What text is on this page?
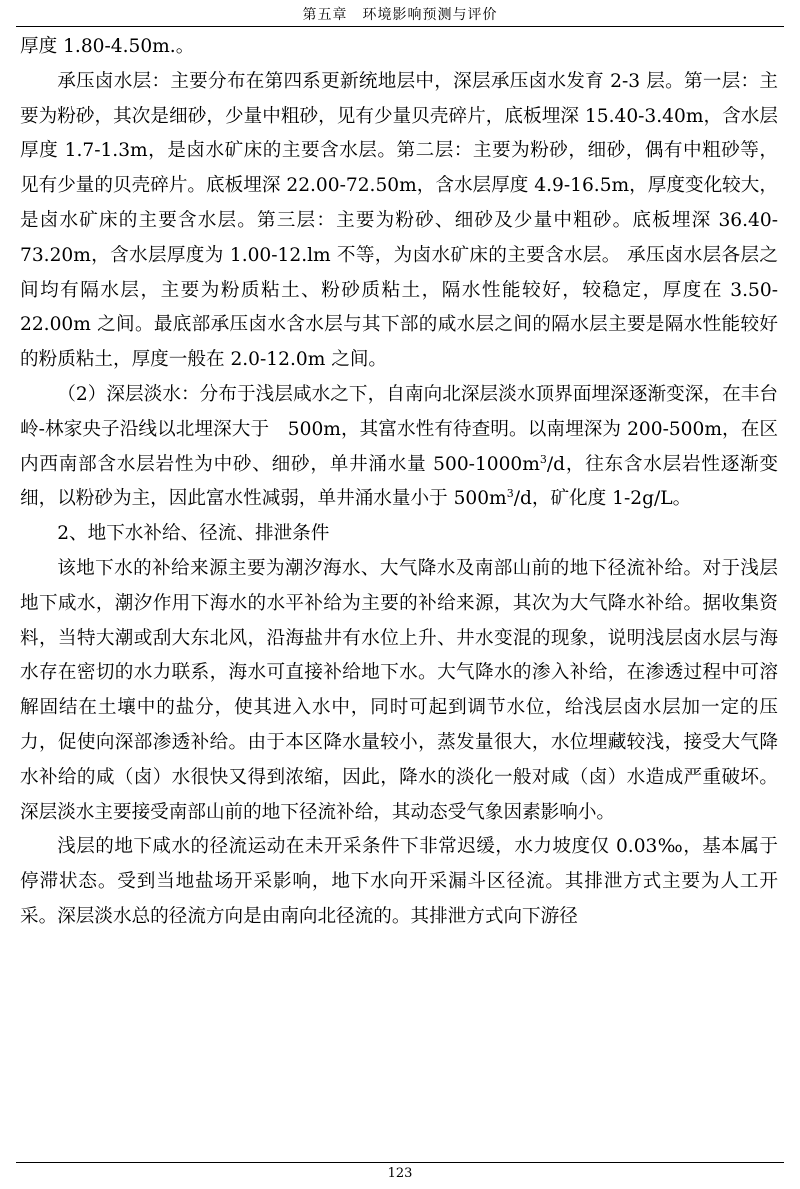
第五章　环境影响预测与评价

厚度 1.80-4.50m.。

承压卤水层：主要分布在第四系更新统地层中，深层承压卤水发育 2-3 层。第一层：主要为粉砂，其次是细砂，少量中粗砂，见有少量贝壳碎片，底板埋深 15.40-3.40m，含水层厚度 1.7-1.3m，是卤水矿床的主要含水层。第二层：主要为粉砂，细砂，偶有中粗砂等，见有少量的贝壳碎片。底板埋深 22.00-72.50m，含水层厚度 4.9-16.5m，厚度变化较大，是卤水矿床的主要含水层。第三层：主要为粉砂、细砂及少量中粗砂。底板埋深 36.40-73.20m，含水层厚度为 1.00-12.lm 不等，为卤水矿床的主要含水层。 承压卤水层各层之间均有隔水层，主要为粉质粘土、粉砂质粘土，隔水性能较好，较稳定，厚度在 3.50-22.00m 之间。最底部承压卤水含水层与其下部的咸水层之间的隔水层主要是隔水性能较好的粉质粘土，厚度一般在 2.0-12.0m 之间。

（2）深层淡水：分布于浅层咸水之下，自南向北深层淡水顶界面埋深逐渐变深，在丰台岭-林家央子沿线以北埋深大于　500m，其富水性有待查明。以南埋深为 200-500m，在区内西南部含水层岩性为中砂、细砂，单井涌水量 $500-1000m^3/d$，往东含水层岩性逐渐变细，以粉砂为主，因此富水性减弱，单井涌水量小于 $500m^3/d$，矿化度 1-2g/L。

2、地下水补给、径流、排泄条件

该地下水的补给来源主要为潮汐海水、大气降水及南部山前的地下径流补给。对于浅层地下咸水，潮汐作用下海水的水平补给为主要的补给来源，其次为大气降水补给。据收集资料，当特大潮或刮大东北风，沿海盐井有水位上升、井水变混的现象，说明浅层卤水层与海水存在密切的水力联系，海水可直接补给地下水。大气降水的渗入补给，在渗透过程中可溶解固结在土壤中的盐分，使其进入水中，同时可起到调节水位，给浅层卤水层加一定的压力，促使向深部渗透补给。由于本区降水量较小，蒸发量很大，水位埋藏较浅，接受大气降水补给的咸（卤）水很快又得到浓缩，因此，降水的淡化一般对咸（卤）水造成严重破坏。深层淡水主要接受南部山前的地下径流补给，其动态受气象因素影响小。

浅层的地下咸水的径流运动在未开采条件下非常迟缓，水力坡度仅 0.03‰，基本属于停滞状态。受到当地盐场开采影响，地下水向开采漏斗区径流。其排泄方式主要为人工开采。深层淡水总的径流方向是由南向北径流的。其排泄方式向下游径

123
